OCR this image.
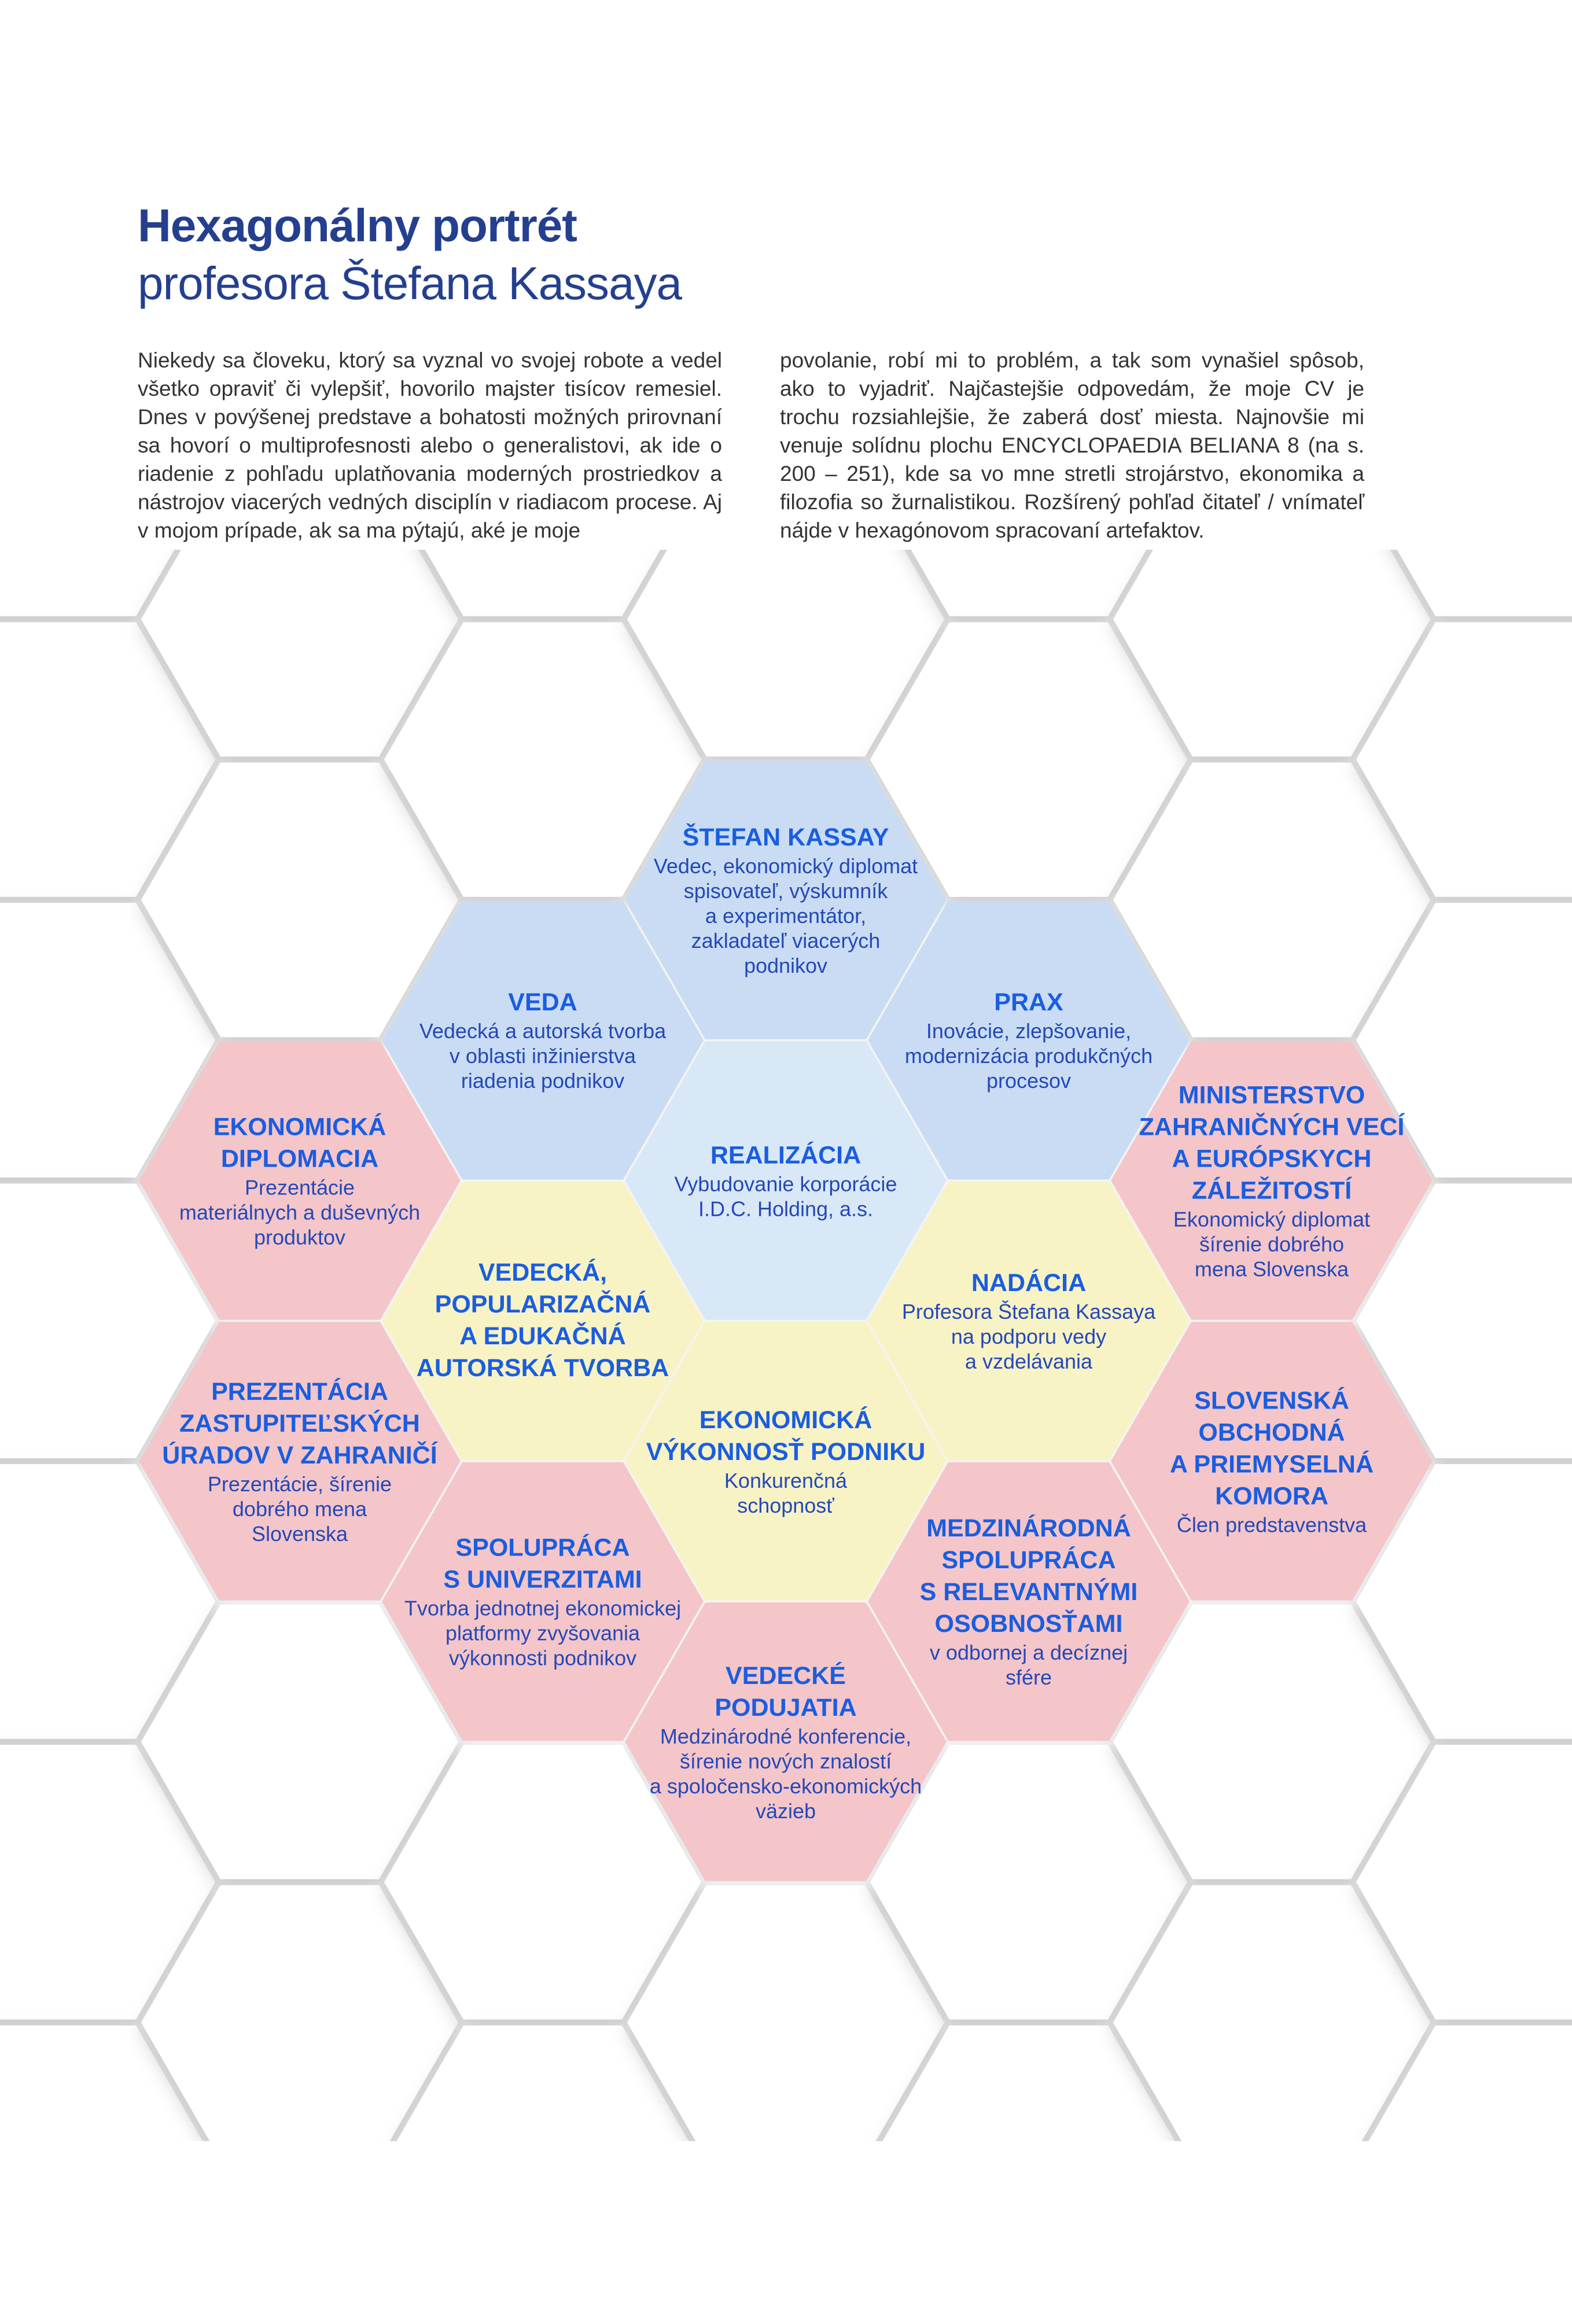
Hexagonálny portrét
profesora Štefana Kassaya

Niekedy sa človeku, ktorý sa vyznal vo svojej robote a vedel všetko opraviť či vylepšiť, hovorilo majster tisícov remesiel. Dnes v povýšenej predstave a bohatosti možných prirovnaní sa hovorí o multiprofesnosti alebo o generalistovi, ak ide o riadenie z pohľadu uplatňovania moderných prostriedkov a nástrojov viacerých vedných disciplín v riadiacom procese. Aj v mojom prípade, ak sa ma pýtajú, aké je moje

povolanie, robí mi to problém, a tak som vynašiel spôsob, ako to vyjadriť. Najčastejšie odpovedám, že moje CV je trochu rozsiahlejšie, že zaberá dosť miesta. Najnovšie mi venuje solídnu plochu ENCYCLOPAEDIA BELIANA 8 (na s. 200 – 251), kde sa vo mne stretli strojárstvo, ekonomika a filozofia so žurnalistikou. Rozšírený pohľad čitateľ / vnímateľ nájde v hexagónovom spracovaní artefaktov.

ŠTEFAN KASSAY
Vedec, ekonomický diplomat
spisovateľ, výskumník
a experimentátor,
zakladateľ viacerých
podnikov
VEDA
Vedecká a autorská tvorba
v oblasti inžinierstva
riadenia podnikov
PRAX
Inovácie, zlepšovanie,
modernizácia produkčných
procesov
REALIZÁCIA
Vybudovanie korporácie
I.D.C. Holding, a.s.
EKONOMICKÁ
DIPLOMACIA
Prezentácie
materiálnych a duševných
produktov
MINISTERSTVO
ZAHRANIČNÝCH VECÍ
A EURÓPSKYCH
ZÁLEŽITOSTÍ
Ekonomický diplomat
šírenie dobrého
mena Slovenska
VEDECKÁ,
POPULARIZAČNÁ
A EDUKAČNÁ
AUTORSKÁ TVORBA
NADÁCIA
Profesora Štefana Kassaya
na podporu vedy
a vzdelávania
PREZENTÁCIA
ZASTUPITEĽSKÝCH
ÚRADOV V ZAHRANIČÍ
Prezentácie, šírenie
dobrého mena
Slovenska
EKONOMICKÁ
VÝKONNOSŤ PODNIKU
Konkurenčná
schopnosť
SLOVENSKÁ
OBCHODNÁ
A PRIEMYSELNÁ
KOMORA
Člen predstavenstva
SPOLUPRÁCA
S UNIVERZITAMI
Tvorba jednotnej ekonomickej
platformy zvyšovania
výkonnosti podnikov
MEDZINÁRODNÁ
SPOLUPRÁCA
S RELEVANTNÝMI
OSOBNOSŤAMI
v odbornej a decíznej
sfére
VEDECKÉ
PODUJATIA
Medzinárodné konferencie,
šírenie nových znalostí
a spoločensko-ekonomických
väzieb
